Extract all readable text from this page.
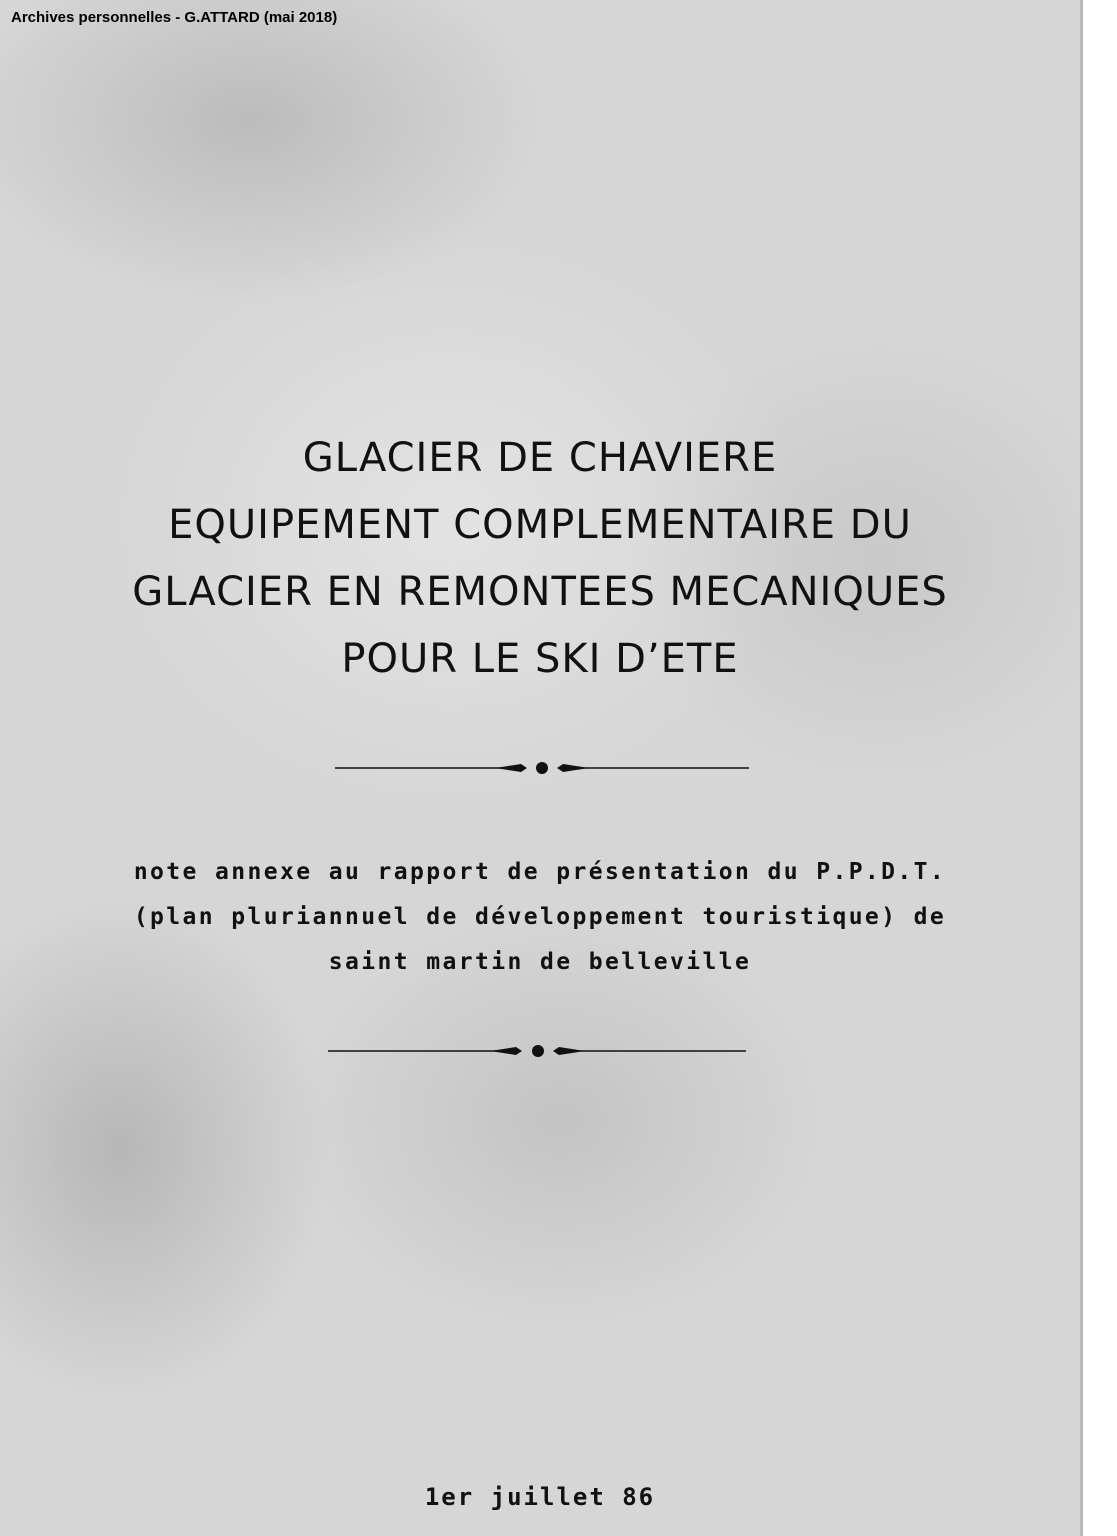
Archives personnelles - G.ATTARD (mai 2018)

GLACIER DE CHAVIERE
EQUIPEMENT COMPLEMENTAIRE DU
GLACIER EN REMONTEES MECANIQUES
POUR LE SKI D’ETE
note annexe au rapport de présentation du P.P.D.T.
(plan pluriannuel de développement touristique) de
saint martin de belleville

1er juillet 86
